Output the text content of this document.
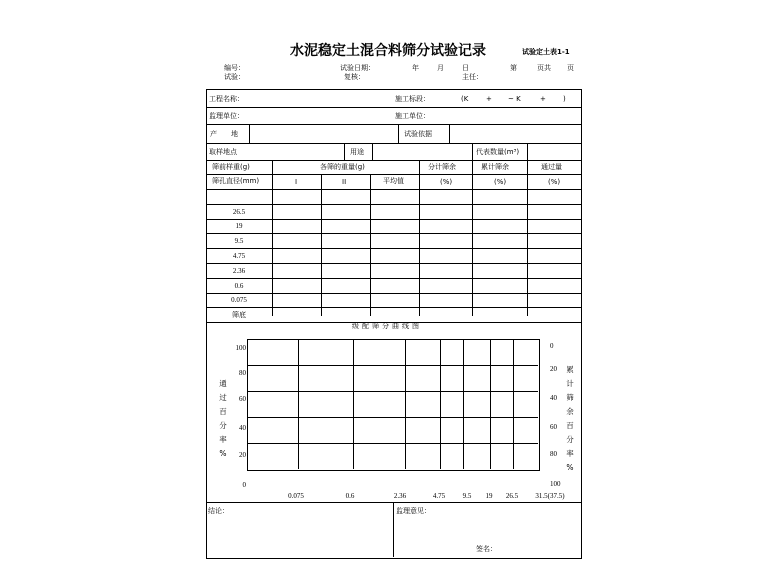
水泥稳定土混合料筛分试验记录	试验定土表1-1
编号：	试验日期：	年	月	日	第	页共 页
试验：	复核：	主任：
工程名称：	施工标段：	(K	+ ~ K	+ )
监理单位：	施工单位：
产　　地	试验依据
取样地点	用途	代表数量(m³)
筛前样重(g)	各筛的重量(g)	分计筛余	累计筛余	通过量
筛孔直径(mm)	I	II	平均值	(%)	(%)	(%)
26.5
19
9.5
4.75
2.36
0.6
0.075
筛底
级配筛分曲线图
100
80
60
40
20
0
0
20
40
60
80
100
通
过
百
分
率
%
累
计
筛
余
百
分
率
%
0.075	0.6	2.36	4.75	9.5	19	26.5	31.5(37.5)
结论：	监理意见：
签名：
